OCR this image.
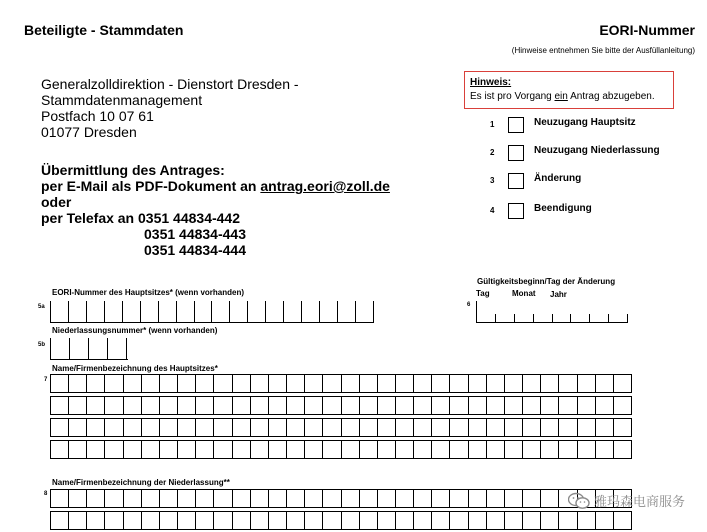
Beteiligte - Stammdaten	EORI-Nummer
(Hinweise entnehmen Sie bitte der Ausfüllanleitung)
Generalzolldirektion - Dienstort Dresden -
Stammdatenmanagement
Postfach 10 07 61
01077 Dresden
Übermittlung des Antrages:
per E-Mail als PDF-Dokument an antrag.eori@zoll.de
oder
per Telefax an 0351 44834-442
0351 44834-443
0351 44834-444
Hinweis:
Es ist pro Vorgang ein Antrag abzugeben.
1	Neuzugang Hauptsitz
2	Neuzugang Niederlassung
3	Änderung
4	Beendigung
EORI-Nummer des Hauptsitzes* (wenn vorhanden)
5a
Gültigkeitsbeginn/Tag der Änderung
Tag	Monat Jahr
6
Niederlassungsnummer* (wenn vorhanden)
5b
Name/Firmenbezeichnung des Hauptsitzes*
7
Name/Firmenbezeichnung der Niederlassung**
8	雅玛森电商服务
